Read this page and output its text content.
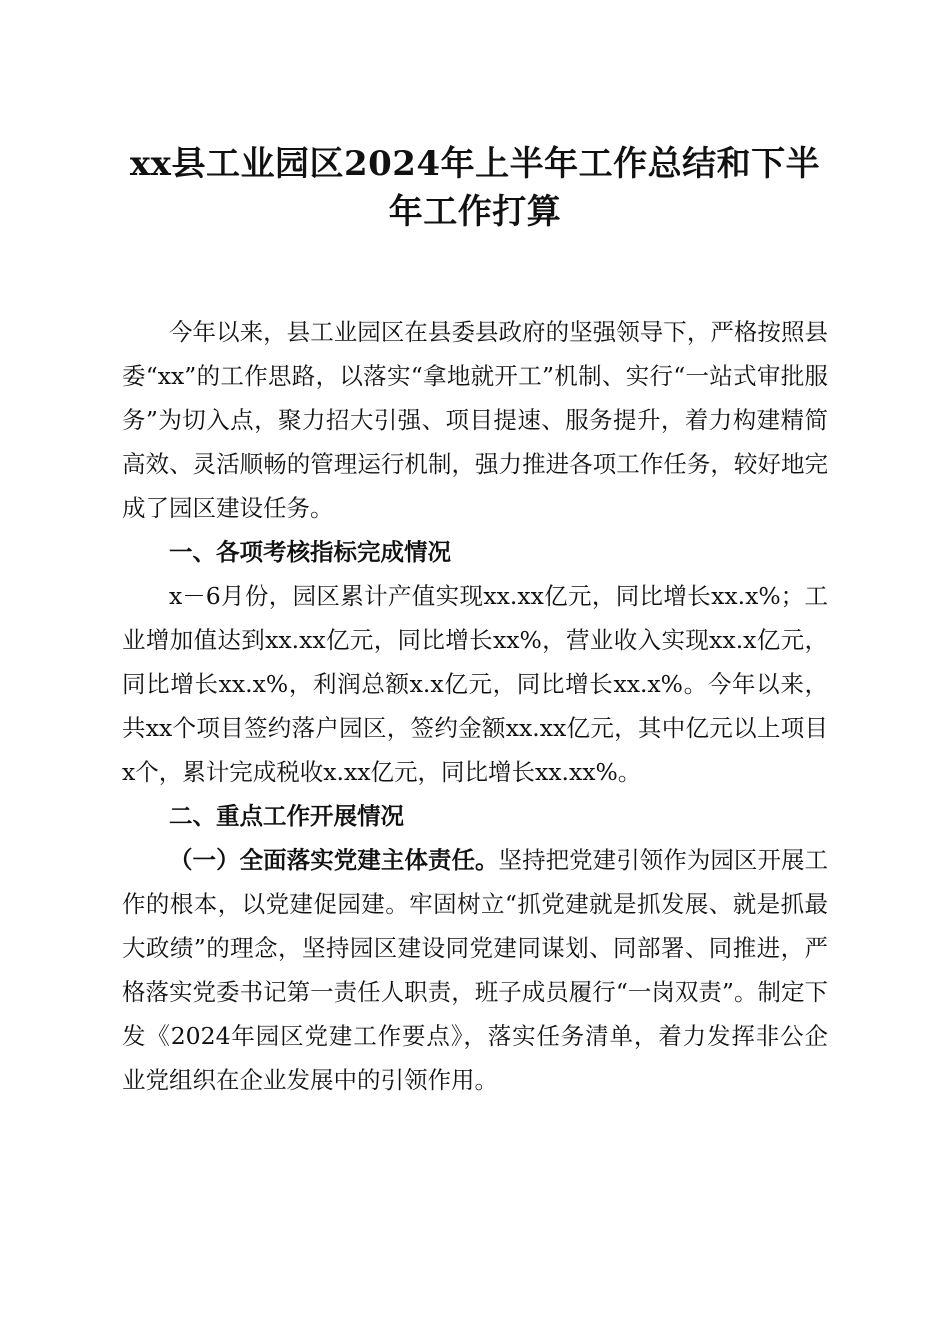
xx县工业园区2024年上半年工作总结和下半年工作打算

今年以来，县工业园区在县委县政府的坚强领导下，严格按照县委“xx”的工作思路，以落实“拿地就开工”机制、实行“一站式审批服务”为切入点，聚力招大引强、项目提速、服务提升，着力构建精简高效、灵活顺畅的管理运行机制，强力推进各项工作任务，较好地完成了园区建设任务。

一、各项考核指标完成情况

x－6月份，园区累计产值实现xx.xx亿元，同比增长xx.x%；工业增加值达到xx.xx亿元，同比增长xx%，营业收入实现xx.x亿元，同比增长xx.x%，利润总额x.x亿元，同比增长xx.x%。今年以来，共xx个项目签约落户园区，签约金额xx.xx亿元，其中亿元以上项目x个，累计完成税收x.xx亿元，同比增长xx.xx%。

二、重点工作开展情况

（一）全面落实党建主体责任。坚持把党建引领作为园区开展工作的根本，以党建促园建。牢固树立“抓党建就是抓发展、就是抓最大政绩”的理念，坚持园区建设同党建同谋划、同部署、同推进，严格落实党委书记第一责任人职责，班子成员履行“一岗双责”。制定下发《2024年园区党建工作要点》，落实任务清单，着力发挥非公企业党组织在企业发展中的引领作用。
